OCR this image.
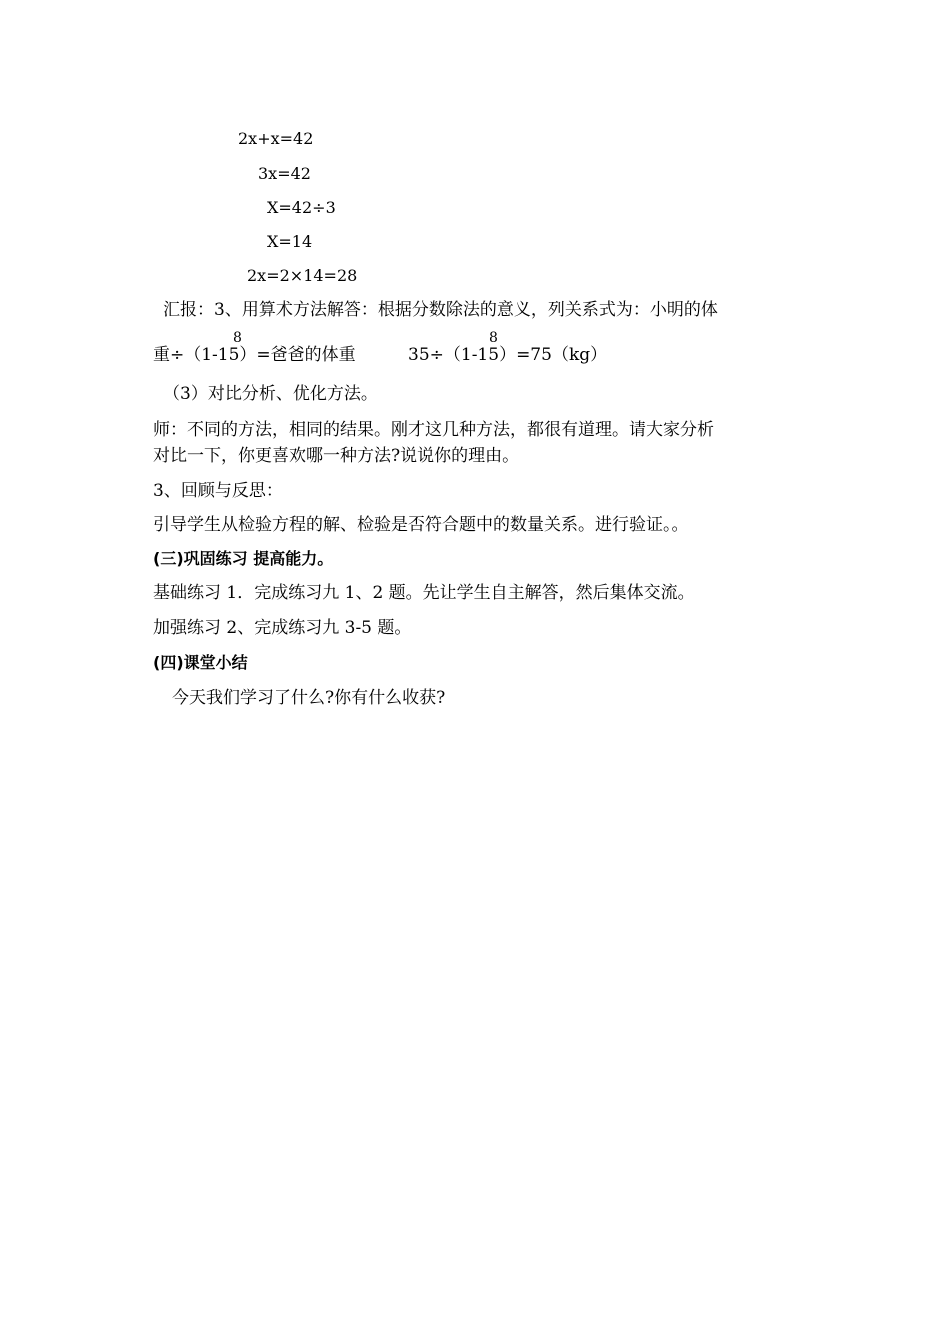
2x+x=42
3x=42
X=42÷3
X=14
2x=2×14=28
汇报：3、用算术方法解答：根据分数除法的意义，列关系式为：小明的体
8	8
重÷（1-15）=爸爸的体重	35÷（1-15）=75（kg）
（3）对比分析、优化方法。
师：不同的方法，相同的结果。刚才这几种方法，都很有道理。请大家分析
对比一下，你更喜欢哪一种方法?说说你的理由。
3、回顾与反思：
引导学生从检验方程的解、检验是否符合题中的数量关系。进行验证。。
(三)巩固练习 提高能力。
基础练习 1．完成练习九 1、2 题。先让学生自主解答，然后集体交流。
加强练习 2、完成练习九 3-5 题。
(四)课堂小结
今天我们学习了什么?你有什么收获?
